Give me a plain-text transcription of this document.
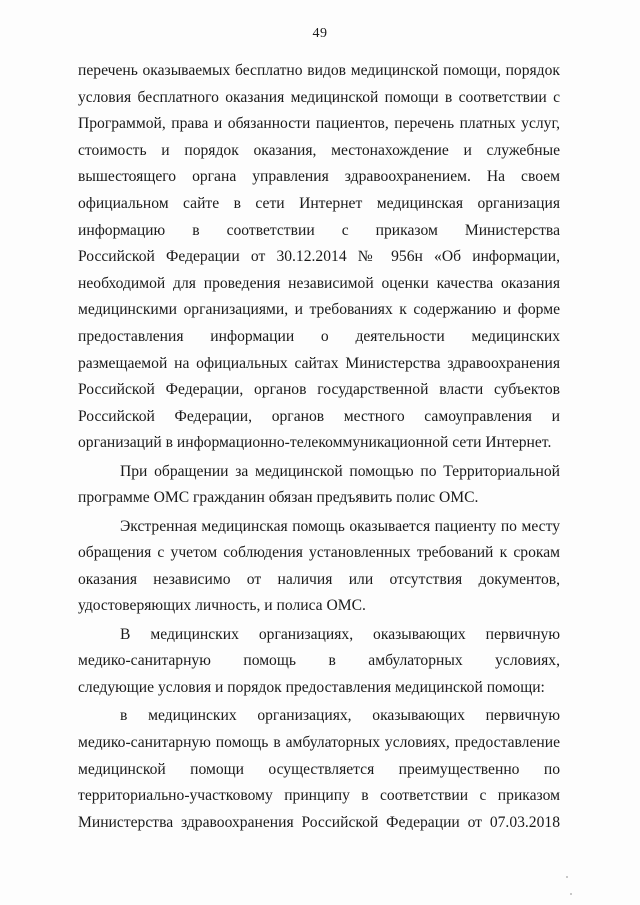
49
перечень оказываемых бесплатно видов медицинской помощи, порядок
условия бесплатного оказания медицинской помощи в соответствии с
Программой, права и обязанности пациентов, перечень платных услуг,
стоимость и порядок оказания, местонахождение и служебные
вышестоящего органа управления здравоохранением. На своем
официальном сайте в сети Интернет медицинская организация
информацию в соответствии с приказом Министерства
Российской Федерации от 30.12.2014 № 956н «Об информации,
необходимой для проведения независимой оценки качества оказания
медицинскими организациями, и требованиях к содержанию и форме
предоставления информации о деятельности медицинских
размещаемой на официальных сайтах Министерства здравоохранения
Российской Федерации, органов государственной власти субъектов
Российской Федерации, органов местного самоуправления и
организаций в информационно-телекоммуникационной сети Интернет.
При обращении за медицинской помощью по Территориальной
программе ОМС гражданин обязан предъявить полис ОМС.
Экстренная медицинская помощь оказывается пациенту по месту
обращения с учетом соблюдения установленных требований к срокам
оказания независимо от наличия или отсутствия документов,
удостоверяющих личность, и полиса ОМС.
В медицинских организациях, оказывающих первичную
медико-санитарную помощь в амбулаторных условиях,
следующие условия и порядок предоставления медицинской помощи:
в медицинских организациях, оказывающих первичную
медико-санитарную помощь в амбулаторных условиях, предоставление
медицинской помощи осуществляется преимущественно по
территориально-участковому принципу в соответствии с приказом
Министерства здравоохранения Российской Федерации от 07.03.2018
